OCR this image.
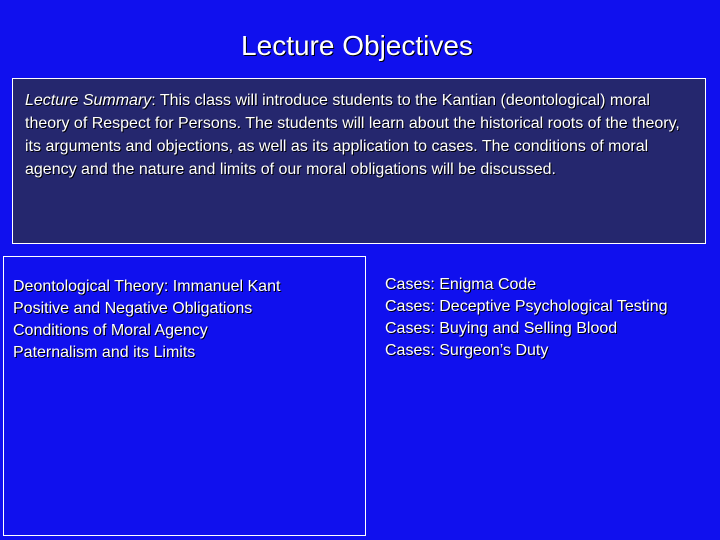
Lecture Objectives
Lecture Summary: This class will introduce students to the Kantian (deontological) moral theory of Respect for Persons. The students will learn about the historical roots of the theory, its arguments and objections, as well as its application to cases. The conditions of moral agency and the nature and limits of our moral obligations will be discussed.
Deontological Theory: Immanuel Kant
Positive and Negative Obligations
Conditions of Moral Agency
Paternalism and its Limits
Cases: Enigma Code
Cases: Deceptive Psychological Testing
Cases: Buying and Selling Blood
Cases: Surgeon’s Duty
